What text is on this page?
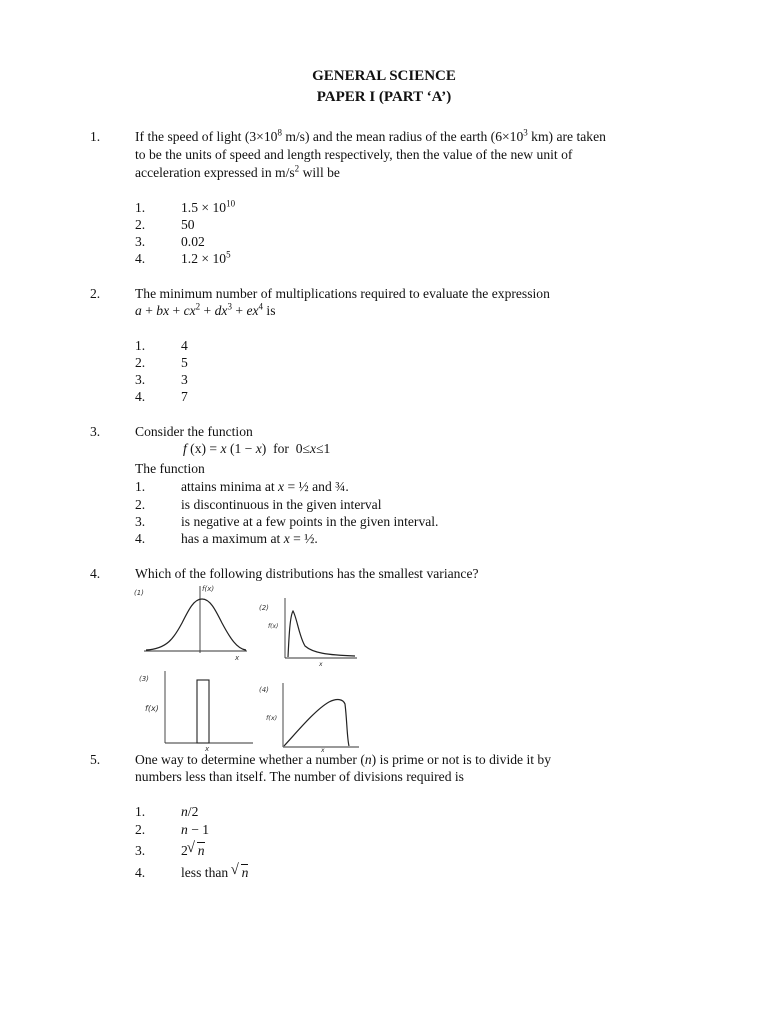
GENERAL SCIENCE
PAPER I (PART ‘A’)
1.	If the speed of light ($3\times 10^8$ m/s) and the mean radius of the earth ($6\times 10^3$ km) are taken
to be the units of speed and length respectively, then the value of the new unit of
acceleration expressed in $m/s^2$ will be
1.	$1.5 \times 10^{10}$
2.	50
3.	0.02
4.	$1.2 \times 10^5$
2.	The minimum number of multiplications required to evaluate the expression
a + bx + $cx^2 + dx^3 + ex^4$ is
1.	4
2.	5
3.	3
4.	7
3.	Consider the function
f (x) = x (1 − x)  for  0≤x≤1
The function
1.	attains minima at x = ½ and ¾.
2.	is discontinuous in the given interval
3.	is negative at a few points in the given interval.
4.	has a maximum at x = ½.
4.	Which of the following distributions has the smallest variance?
(1)	f(x)
x
(2)
f(x)
x
(3)
f(x)
x
(4)
f(x)
x
5.	One way to determine whether a number (n) is prime or not is to divide it by
numbers less than itself. The number of divisions required is
1.	n/2
2.	n − 1
3.	2 √ n
4.	less than √ n
